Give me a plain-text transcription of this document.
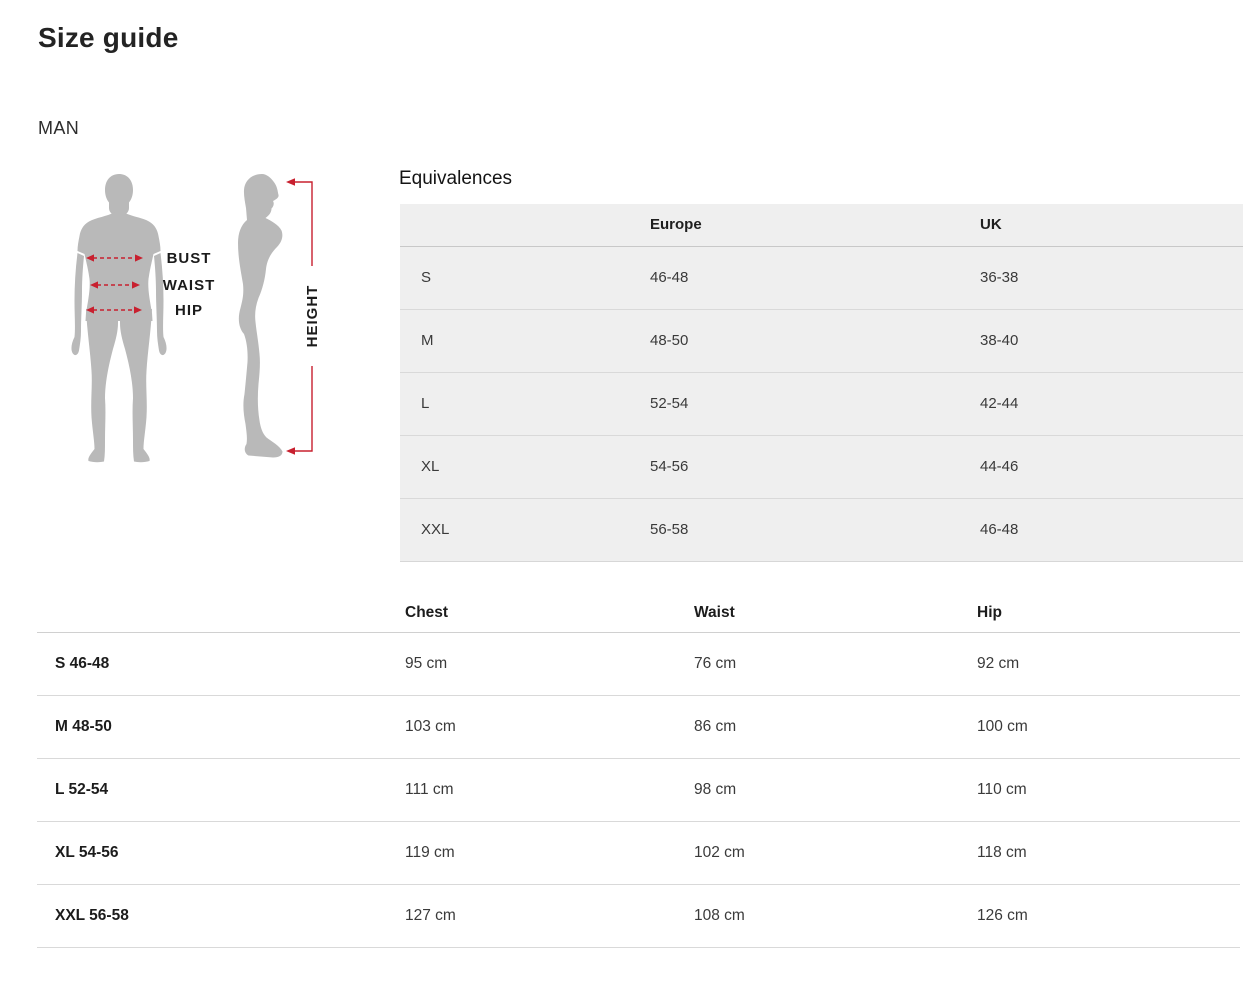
Size guide
MAN
BUST
WAIST
HIP	HEIGHT
Equivalences
	Europe	UK
S	46-48	36-38
M	48-50	38-40
L	52-54	42-44
XL	54-56	44-46
XXL	56-58	46-48
	Chest	Waist	Hip
S 46-48	95 cm	76 cm	92 cm
M 48-50	103 cm	86 cm	100 cm
L 52-54	111 cm	98 cm	110 cm
XL 54-56	119 cm	102 cm	118 cm
XXL 56-58	127 cm	108 cm	126 cm
